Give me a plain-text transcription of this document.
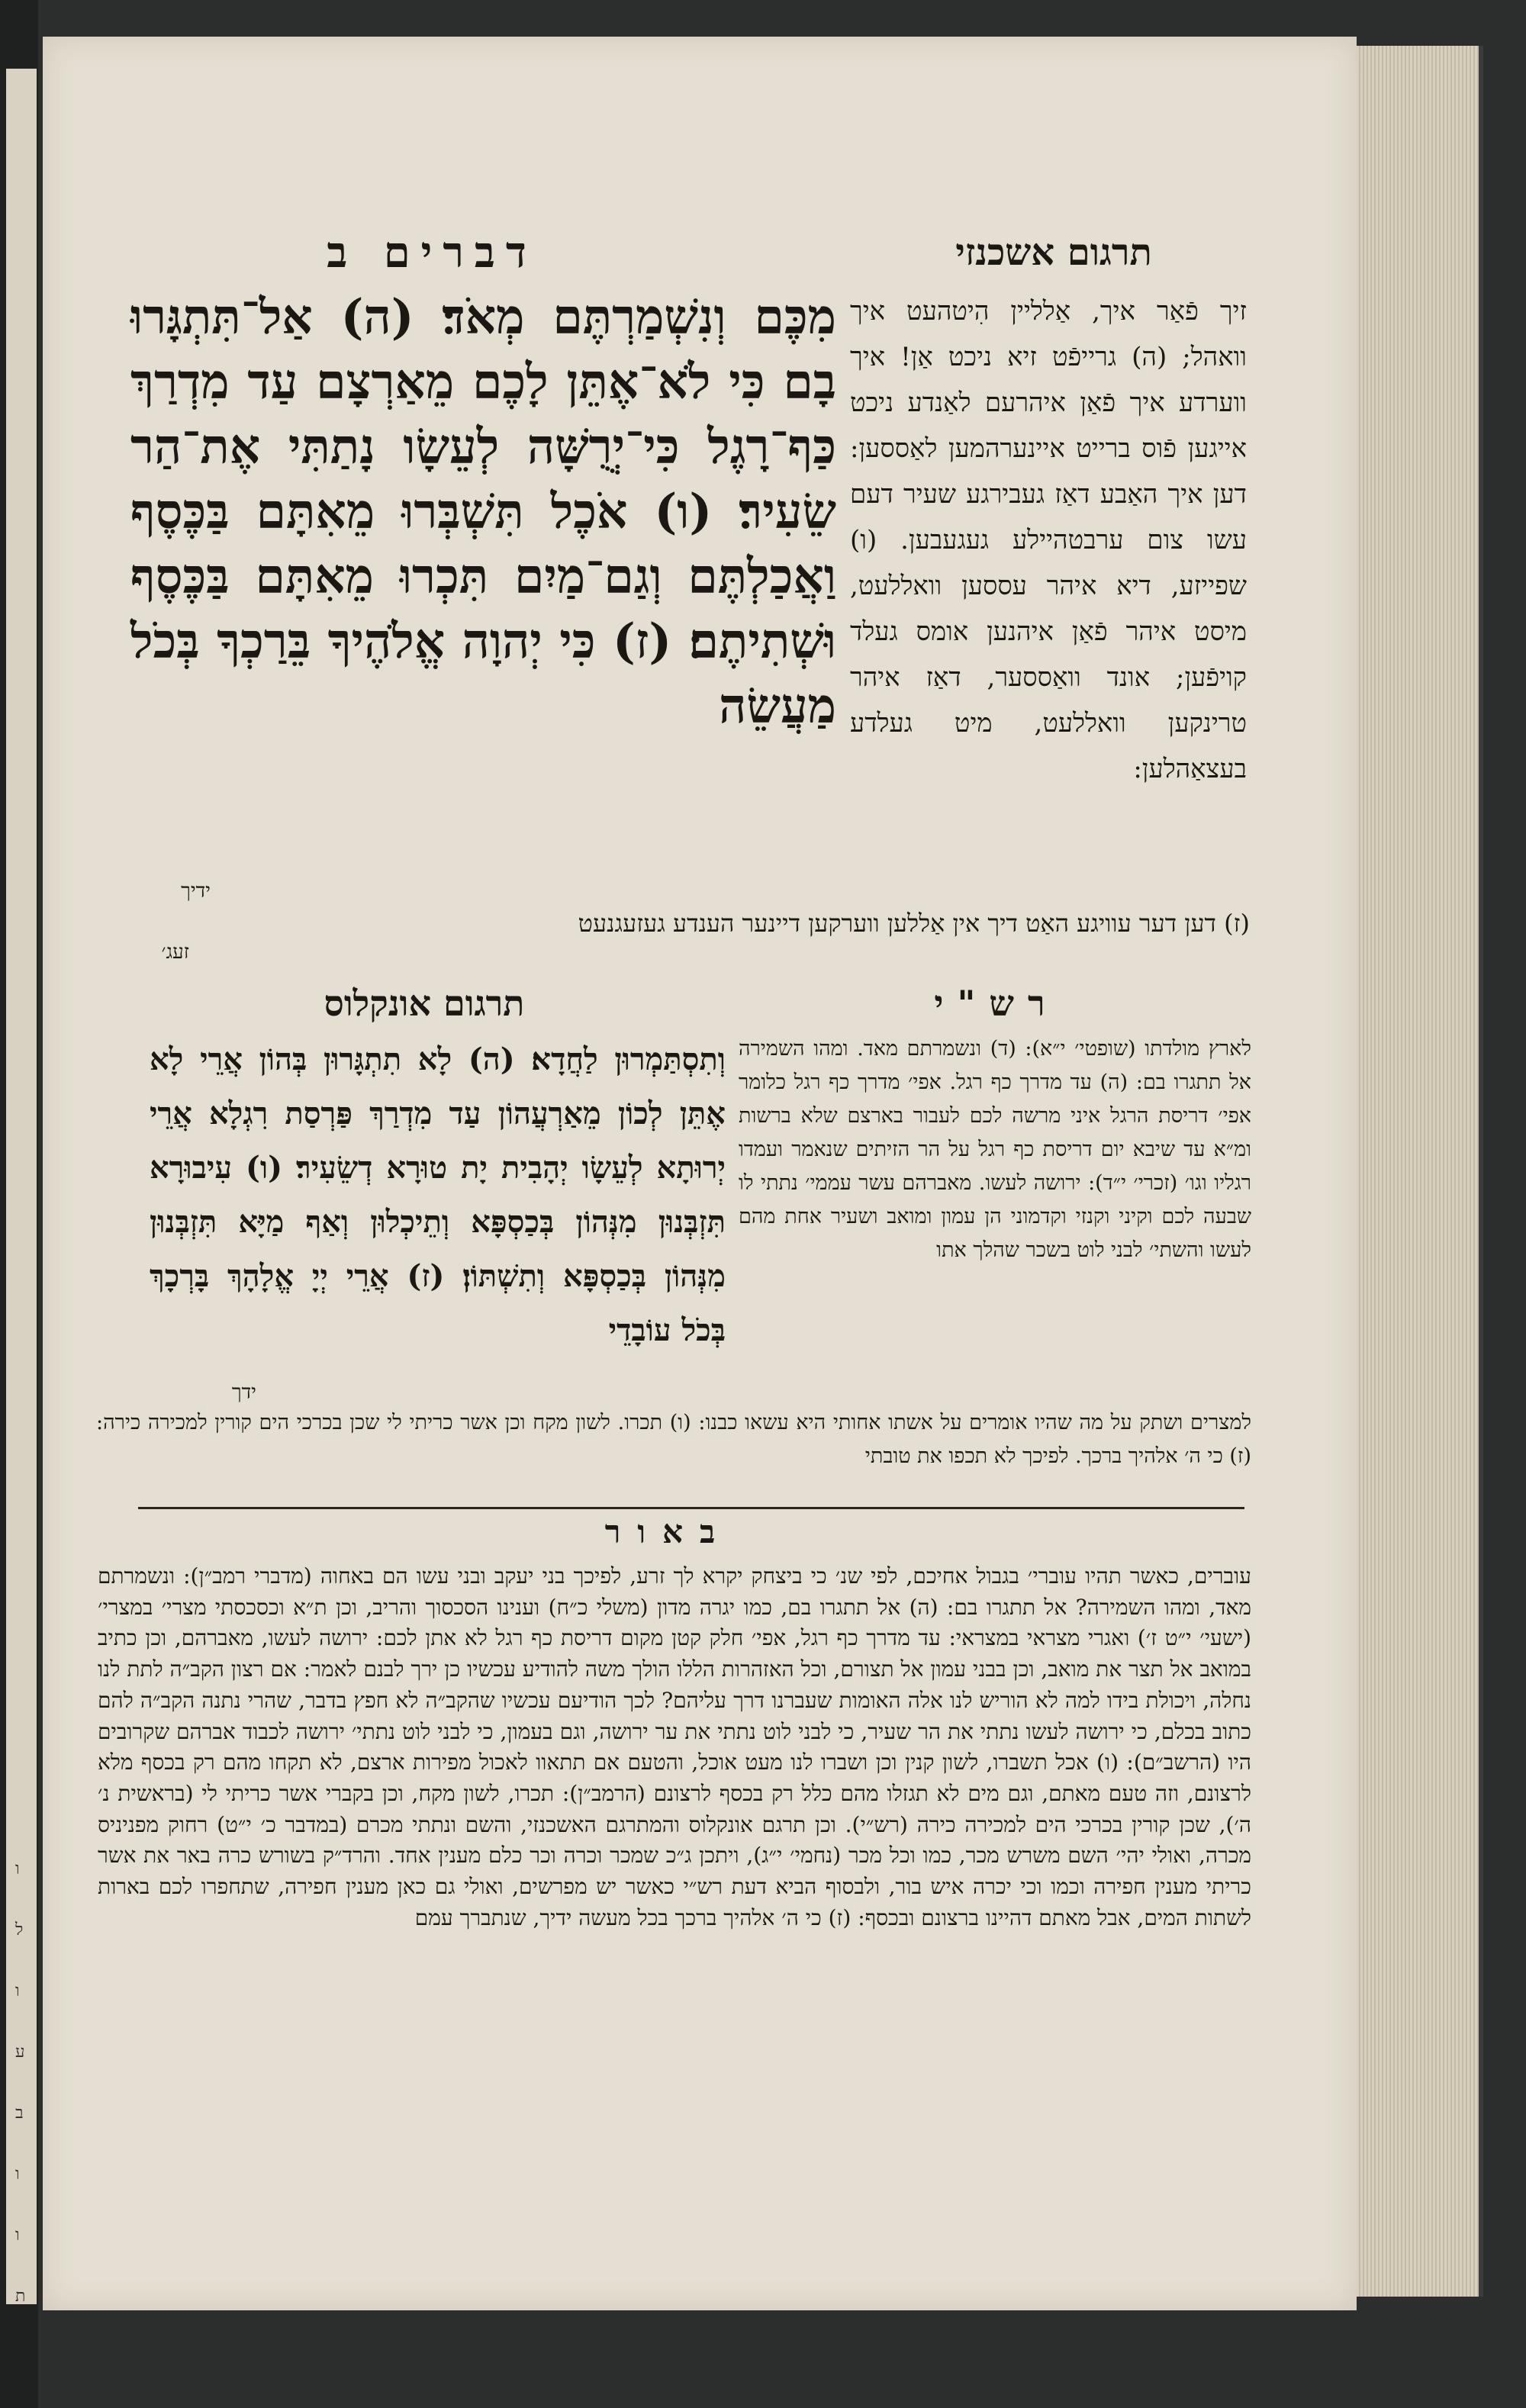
ו
ל
ו
ע
ב
ו
ו
ת
תרגום אשכנזי
דברים ב
מִכֶּם וְנִשְׁמַרְתֶּם מְאֹד׃ (ה) אַל־תִּתְגָּרוּ בָם כִּי לֹא־אֶתֵּן לָכֶם מֵאַרְצָם עַד מִדְרַךְ כַּף־רָגֶל כִּי־יְרֻשָּׁה לְעֵשָׂו נָתַתִּי אֶת־הַר שֵׂעִיר׃ (ו) אֹכֶל תִּשְׁבְּרוּ מֵאִתָּם בַּכֶּסֶף וַאֲכַלְתֶּם וְגַם־מַיִם תִּכְרוּ מֵאִתָּם בַּכֶּסֶף וּשְׁתִיתֶם׃ (ז) כִּי יְהוָה אֱלֹהֶיךָ בֵּרַכְךָ בְּכֹל מַעֲשֵׂה
ידיך
זיך פֿאַר איך, אַלליין הִיטהעט איך וואהל; (ה) גרייפֿט זיא ניכט אַן! איך ווערדע איך פֿאַן איהרעם לאַנדע ניכט אייגען פֿוס ברייט איינערהמען לאַססען: דען איך האַבע דאַז געבירגע שעיר דעם עשו צום ערבטהיילע געגעבען. (ו) שפייזע, דיא איהר עססען וואללעט, מיסט איהר פֿאַן איהנען אומס געלד קויפֿען; אונד וואַססער, דאַז איהר טרינקען וואללעט, מיט געלדע בעצאַהלען:
(ז) דען דער עוויגע האַט דיך אין אַללען ווערקען דיינער הענדע געזעגנעט
זעג׳
תרגום אונקלוס	רש"י
וְתִסְתַּמְרוּן לַחֲדָא׃ (ה) לָא תִתְגָּרוּן בְּהוֹן אֲרֵי לָא אֶתֵּן לְכוֹן מֵאַרְעֲהוֹן עַד מִדְרַךְ פַּרְסַת רִגְלָא אֲרֵי יְרוּתָא לְעֵשָׂו יְהָבִית יָת טוּרָא דְשֵׂעִיר׃ (ו) עִיבוּרָא תִּזְבְּנוּן מִנְּהוֹן בְּכַסְפָּא וְתֵיכְלוּן וְאַף מַיָּא תִּזְבְּנוּן מִנְּהוֹן בְּכַסְפָּא וְתִשְׁתּוֹן׃ (ז) אֲרֵי יְיָ אֱלָהָךְ בָּרְכָךְ בְּכֹל עוֹבָדֵי
ידך
לארץ מולדתו (שופטי׳ י״א): (ד) ונשמרתם מאד. ומהו השמירה אל תתגרו בם: (ה) עד מדרך כף רגל. אפי׳ מדרך כף רגל כלומר אפי׳ דריסת הרגל איני מרשה לכם לעבור בארצם שלא ברשות ומ״א עד שיבא יום דריסת כף רגל על הר הזיתים שנאמר ועמדו רגליו וגו׳ (זכרי׳ י״ד): ירושה לעשו. מאברהם עשר עממי׳ נתתי לו שבעה לכם וקיני וקנזי וקדמוני הן עמון ומואב ושעיר אחת מהם לעשו והשתי׳ לבני לוט בשכר שהלך אתו
למצרים ושתק על מה שהיו אומרים על אשתו אחותי היא עשאו כבנו: (ו) תכרו. לשון מקח וכן אשר כריתי לי שכן בכרכי הים קורין למכירה כירה: (ז) כי ה׳ אלהיך ברכך. לפיכך לא תכפו את טובתי
באור
עוברים, כאשר תהיו עוברי׳ בגבול אחיכם, לפי שנ׳ כי ביצחק יקרא לך זרע, לפיכך בני יעקב ובני עשו הם באחוה (מדברי רמב״ן): ונשמרתם מאד, ומהו השמירה? אל תתגרו בם: (ה) אל תתגרו בם, כמו יגרה מדון (משלי כ״ח) וענינו הסכסוך והריב, וכן ת״א וכסכסתי מצרי׳ במצרי׳ (ישעי׳ י״ט ז׳) ואגרי מצראי במצראי: עד מדרך כף רגל, אפי׳ חלק קטן מקום דריסת כף רגל לא אתן לכם: ירושה לעשו, מאברהם, וכן כתיב במואב אל תצר את מואב, וכן בבני עמון אל תצורם, וכל האזהרות הללו הולך משה להודיע עכשיו כן ירך לבנם לאמר: אם רצון הקב״ה לתת לנו נחלה, ויכולת בידו למה לא הוריש לנו אלה האומות שעברנו דרך עליהם? לכך הודיעם עכשיו שהקב״ה לא חפץ בדבר, שהרי נתנה הקב״ה להם כתוב בכלם, כי ירושה לעשו נתתי את הר שעיר, כי לבני לוט נתתי את ער ירושה, וגם בעמון, כי לבני לוט נתתי׳ ירושה לכבוד אברהם שקרובים היו (הרשב״ם): (ו) אכל תשברו, לשון קנין וכן ושברו לנו מעט אוכל, והטעם אם תתאוו לאכול מפירות ארצם, לא תקחו מהם רק בכסף מלא לרצונם, וזה טעם מאתם, וגם מים לא תגזלו מהם כלל רק בכסף לרצונם (הרמב״ן): תכרו, לשון מקח, וכן בקברי אשר כריתי לי (בראשית נ׳ ה׳), שכן קורין בכרכי הים למכירה כירה (רש״י). וכן תרגם אונקלוס והמתרגם האשכנזי, והשם ונתתי מכרם (במדבר כ׳ י״ט) רחוק מפניניס מכרה, ואולי יהי׳ השם משרש מכר, כמו וכל מכר (נחמי׳ י״ג), ויתכן ג״כ שמכר וכרה וכר כלם מענין אחד. והרד״ק בשורש כרה באר את אשר כריתי מענין חפירה וכמו וכי יכרה איש בור, ולבסוף הביא דעת רש״י כאשר יש מפרשים, ואולי גם כאן מענין חפירה, שתחפרו לכם בארות לשתות המים, אבל מאתם דהיינו ברצונם ובכסף: (ז) כי ה׳ אלהיך ברכך בכל מעשה ידיך, שנתברך עמם
